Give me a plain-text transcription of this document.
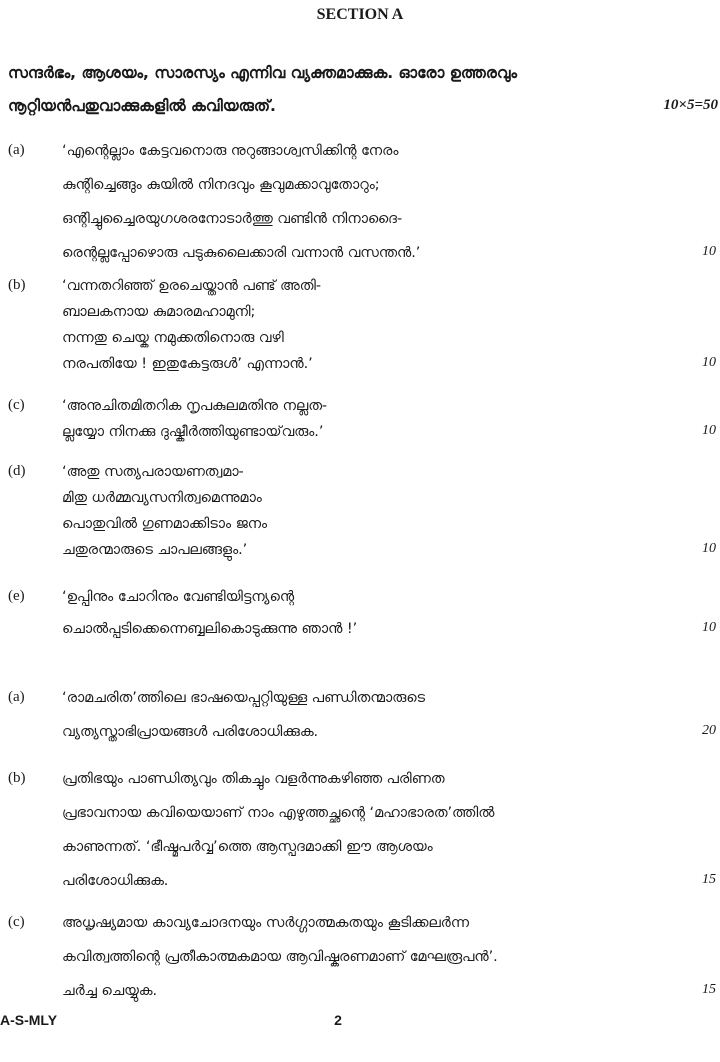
SECTION A
സന്ദർഭം, ആശയം, സാരസ്യം എന്നിവ വ്യക്തമാക്കുക. ഓരോ ഉത്തരവും
നൂറ്റിയൻപതുവാക്കുകളിൽ കവിയരുത്.	10×5=50
(a)	‘എന്റെല്ലാം കേട്ടവനൊരു നുറുങ്ങാശ്വസിക്കിന്റ നേരം
കുന്റിച്ചെങ്ങും കുയിൽ നിനദവും കൂവുമക്കാവുതോറും;
ഒന്റിച്ചുച്ചൈരയുഗശരനോടാർത്തു വണ്ടിൻ നിനാദൈ-
രെന്റല്ലപ്പോഴൊരു പടുകുലൈക്കാരി വന്നാൻ വസന്തൻ.’	10
(b)	‘വന്നതറിഞ്ഞ് ഉരചെയ്താൻ പണ്ട് അതി-
ബാലകനായ കുമാരമഹാമുനി;
നന്നതു ചെയ്ക നമുക്കതിനൊരു വഴി
നരപതിയേ ! ഇതുകേട്ടരുൾ’ എന്നാൻ.’	10
(c)	‘അനുചിതമിതറിക നൃപകുലമതിനു നല്ലത-
ല്ലയ്യോ നിനക്കു ദുഷ്കീർത്തിയുണ്ടായ്‌വരും.’	10
(d)	‘അതു സത്യപരായണത്വമാ-
മിതു ധർമ്മവ്യസനിത്വമെന്നുമാം
പൊതുവിൽ ഗുണമാക്കിടാം ജനം
ചതുരന്മാരുടെ ചാപലങ്ങളും.’	10
(e)	‘ഉപ്പിനും ചോറിനും വേണ്ടിയിട്ടന്യന്റെ
ചൊൽപ്പടിക്കെന്നെബ്ബലികൊടുക്കുന്നു ഞാൻ !’	10
(a)	‘രാമചരിത’ത്തിലെ ഭാഷയെപ്പറ്റിയുള്ള പണ്ഡിതന്മാരുടെ
വ്യത്യസ്താഭിപ്രായങ്ങൾ പരിശോധിക്കുക.	20
(b)	പ്രതിഭയും പാണ്ഡിത്യവും തികച്ചും വളർന്നുകഴിഞ്ഞ പരിണത
പ്രഭാവനായ കവിയെയാണ് നാം എഴുത്തച്ഛന്റെ ‘മഹാഭാരത’ത്തിൽ
കാണുന്നത്. ‘ഭീഷ്മപർവ്വ’ത്തെ ആസ്പദമാക്കി ഈ ആശയം
പരിശോധിക്കുക.	15
(c)	അധൃഷ്യമായ കാവ്യചോദനയും സർഗ്ഗാത്മകതയും കൂടിക്കലർന്ന
കവിത്വത്തിന്റെ പ്രതീകാത്മകമായ ആവിഷ്കരണമാണ് മേഘരൂപൻ’.
ചർച്ച ചെയ്യുക.	15
A-S-MLY	2
